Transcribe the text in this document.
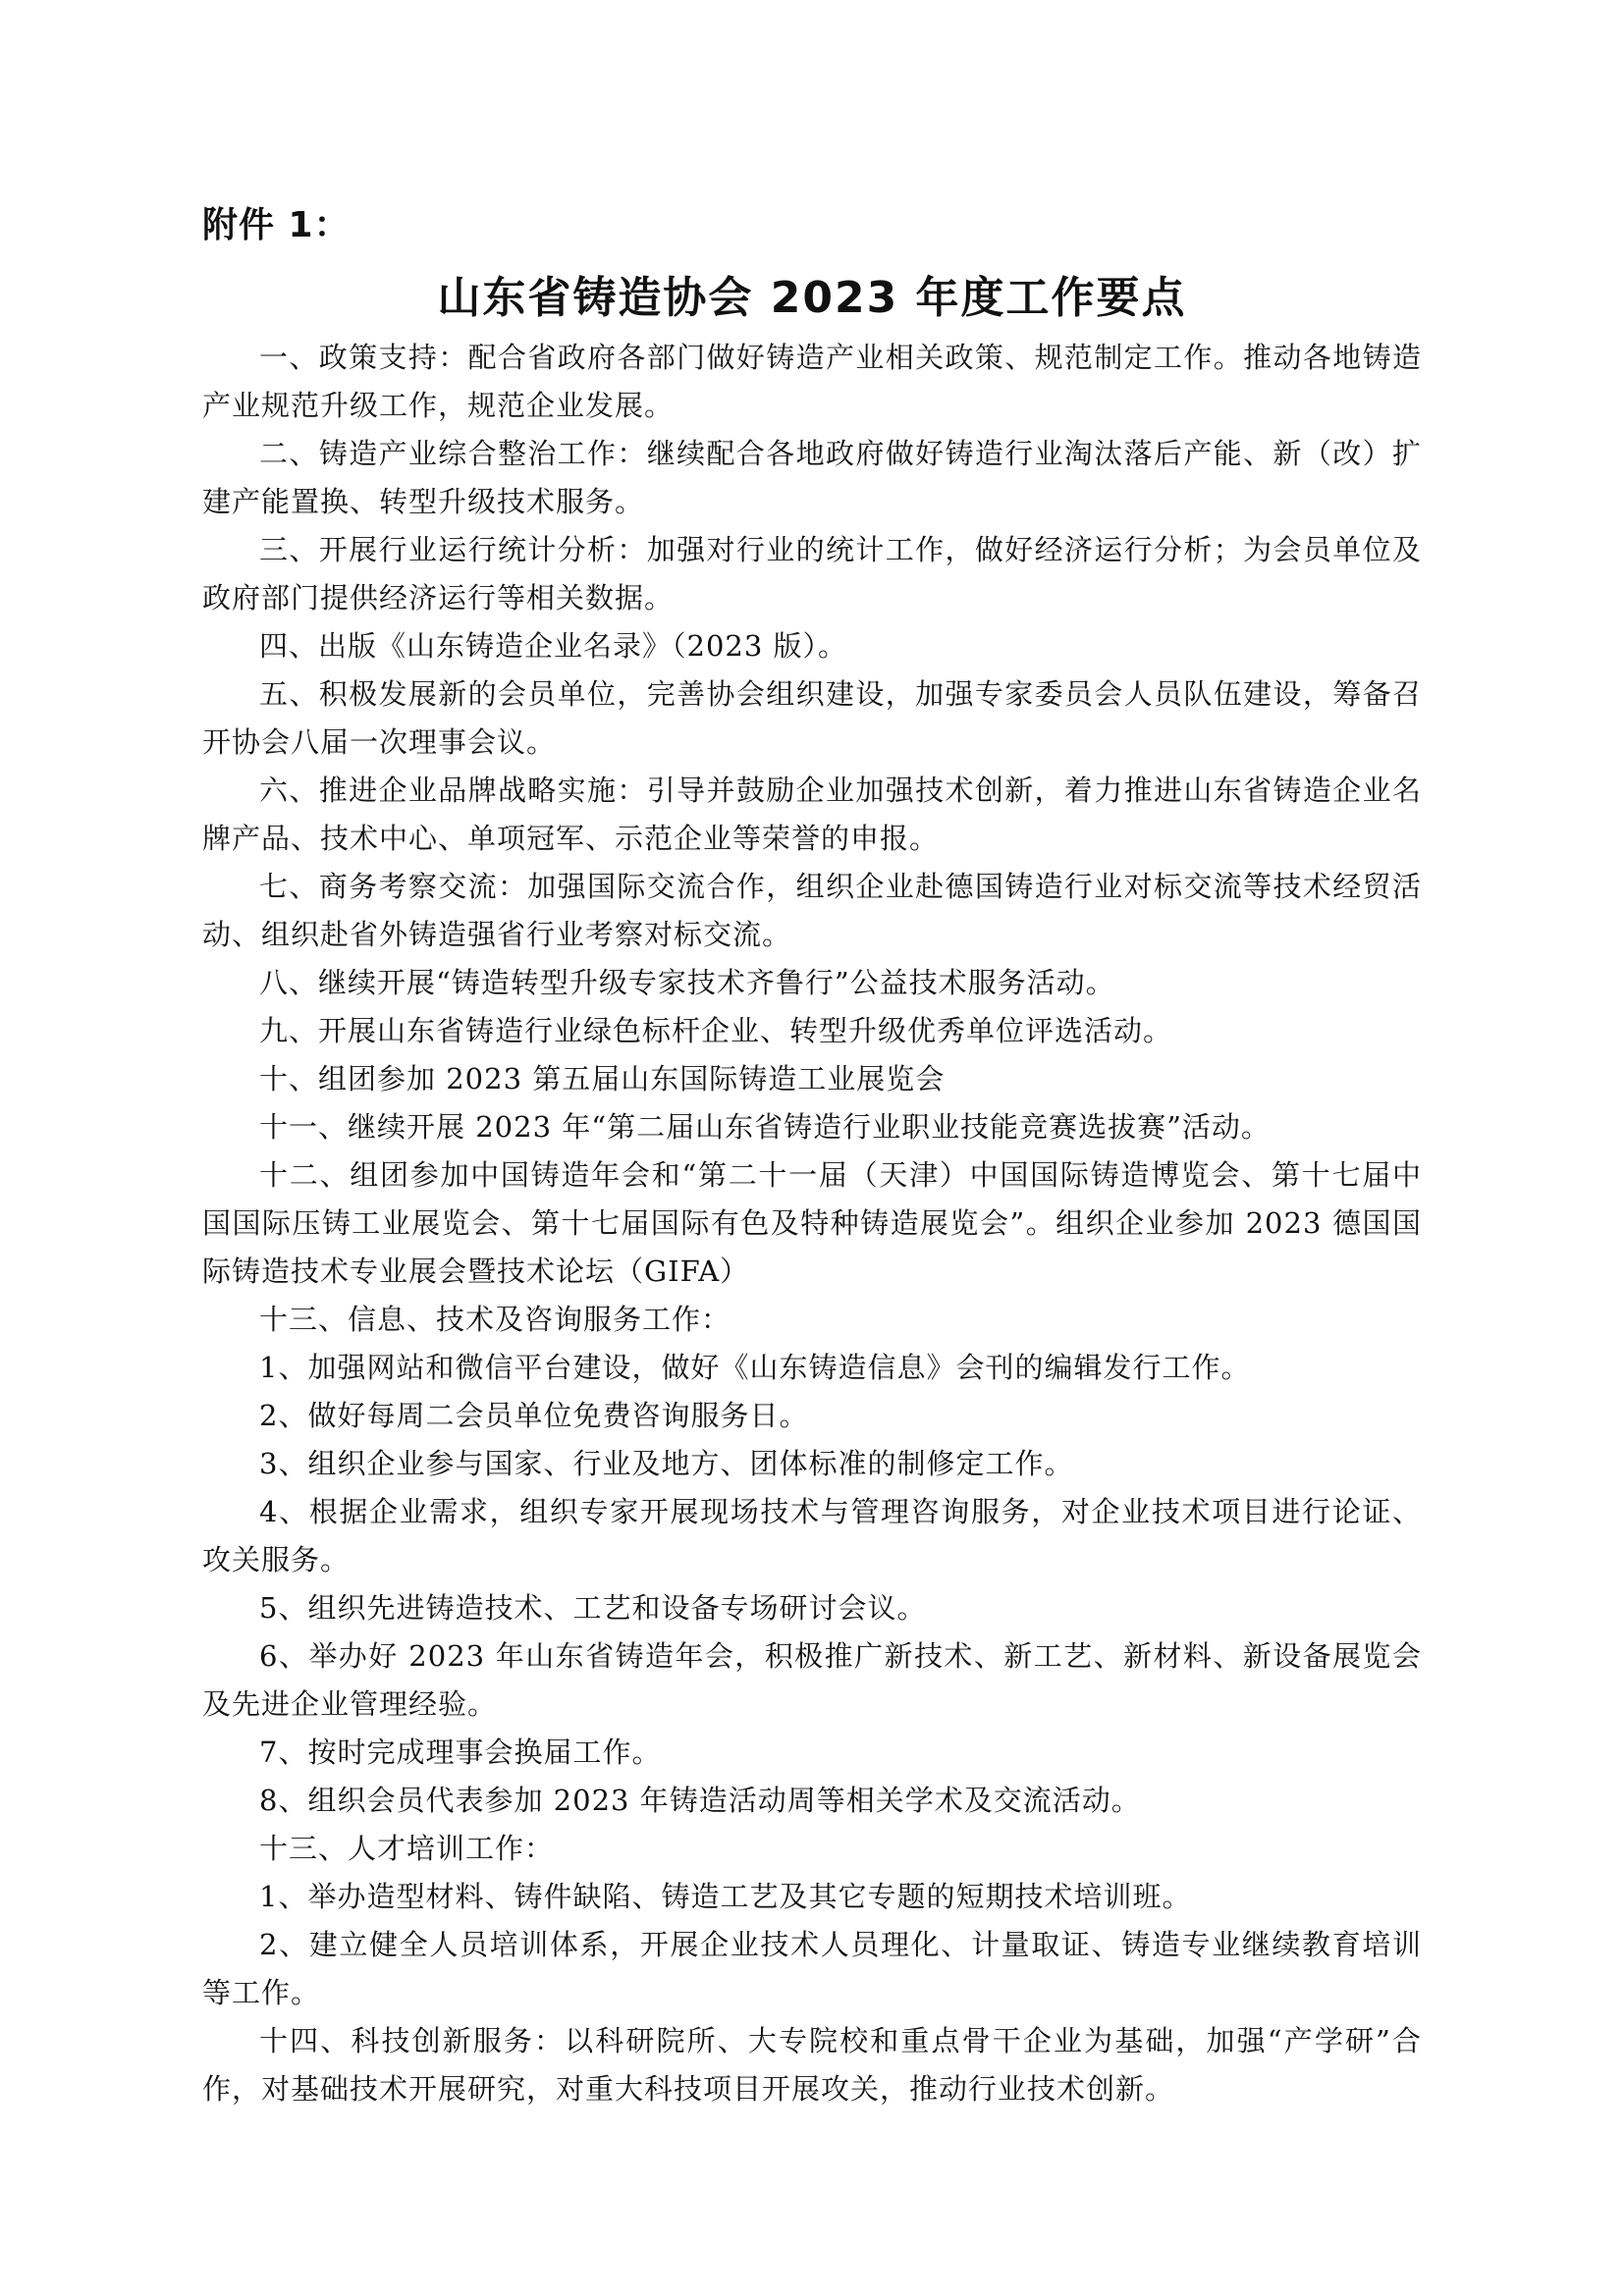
附件 1：
山东省铸造协会 2023 年度工作要点

一、政策支持：配合省政府各部门做好铸造产业相关政策、规范制定工作。推动各地铸造产业规范升级工作，规范企业发展。

二、铸造产业综合整治工作：继续配合各地政府做好铸造行业淘汰落后产能、新（改）扩建产能置换、转型升级技术服务。

三、开展行业运行统计分析：加强对行业的统计工作，做好经济运行分析；为会员单位及政府部门提供经济运行等相关数据。

四、出版《山东铸造企业名录》（2023 版）。

五、积极发展新的会员单位，完善协会组织建设，加强专家委员会人员队伍建设，筹备召开协会八届一次理事会议。

六、推进企业品牌战略实施：引导并鼓励企业加强技术创新，着力推进山东省铸造企业名牌产品、技术中心、单项冠军、示范企业等荣誉的申报。

七、商务考察交流：加强国际交流合作，组织企业赴德国铸造行业对标交流等技术经贸活动、组织赴省外铸造强省行业考察对标交流。

八、继续开展“铸造转型升级专家技术齐鲁行”公益技术服务活动。

九、开展山东省铸造行业绿色标杆企业、转型升级优秀单位评选活动。

十、组团参加 2023 第五届山东国际铸造工业展览会

十一、继续开展 2023 年“第二届山东省铸造行业职业技能竞赛选拔赛”活动。

十二、组团参加中国铸造年会和“第二十一届（天津）中国国际铸造博览会、第十七届中国国际压铸工业展览会、第十七届国际有色及特种铸造展览会”。组织企业参加 2023 德国国际铸造技术专业展会暨技术论坛（GIFA）

十三、信息、技术及咨询服务工作：

1、加强网站和微信平台建设，做好《山东铸造信息》会刊的编辑发行工作。

2、做好每周二会员单位免费咨询服务日。

3、组织企业参与国家、行业及地方、团体标准的制修定工作。

4、根据企业需求，组织专家开展现场技术与管理咨询服务，对企业技术项目进行论证、攻关服务。

5、组织先进铸造技术、工艺和设备专场研讨会议。

6、举办好 2023 年山东省铸造年会，积极推广新技术、新工艺、新材料、新设备展览会及先进企业管理经验。

7、按时完成理事会换届工作。

8、组织会员代表参加 2023 年铸造活动周等相关学术及交流活动。

十三、人才培训工作：

1、举办造型材料、铸件缺陷、铸造工艺及其它专题的短期技术培训班。

2、建立健全人员培训体系，开展企业技术人员理化、计量取证、铸造专业继续教育培训等工作。

十四、科技创新服务：以科研院所、大专院校和重点骨干企业为基础，加强“产学研”合作，对基础技术开展研究，对重大科技项目开展攻关，推动行业技术创新。
